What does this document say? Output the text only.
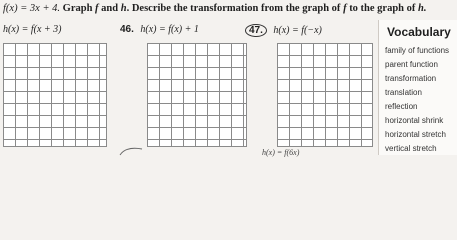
f(x) = 3x + 4. Graph f and h. Describe the transformation from the graph of f to the graph of h.
h(x) = f(x + 3)	46. h(x) = f(x) + 1	47. h(x) = f(−x)	Vocabulary
family of functions
parent function
transformation
translation
reflection
horizontal shrink
horizontal stretch
vertical stretch
h(x) = f(6x)
